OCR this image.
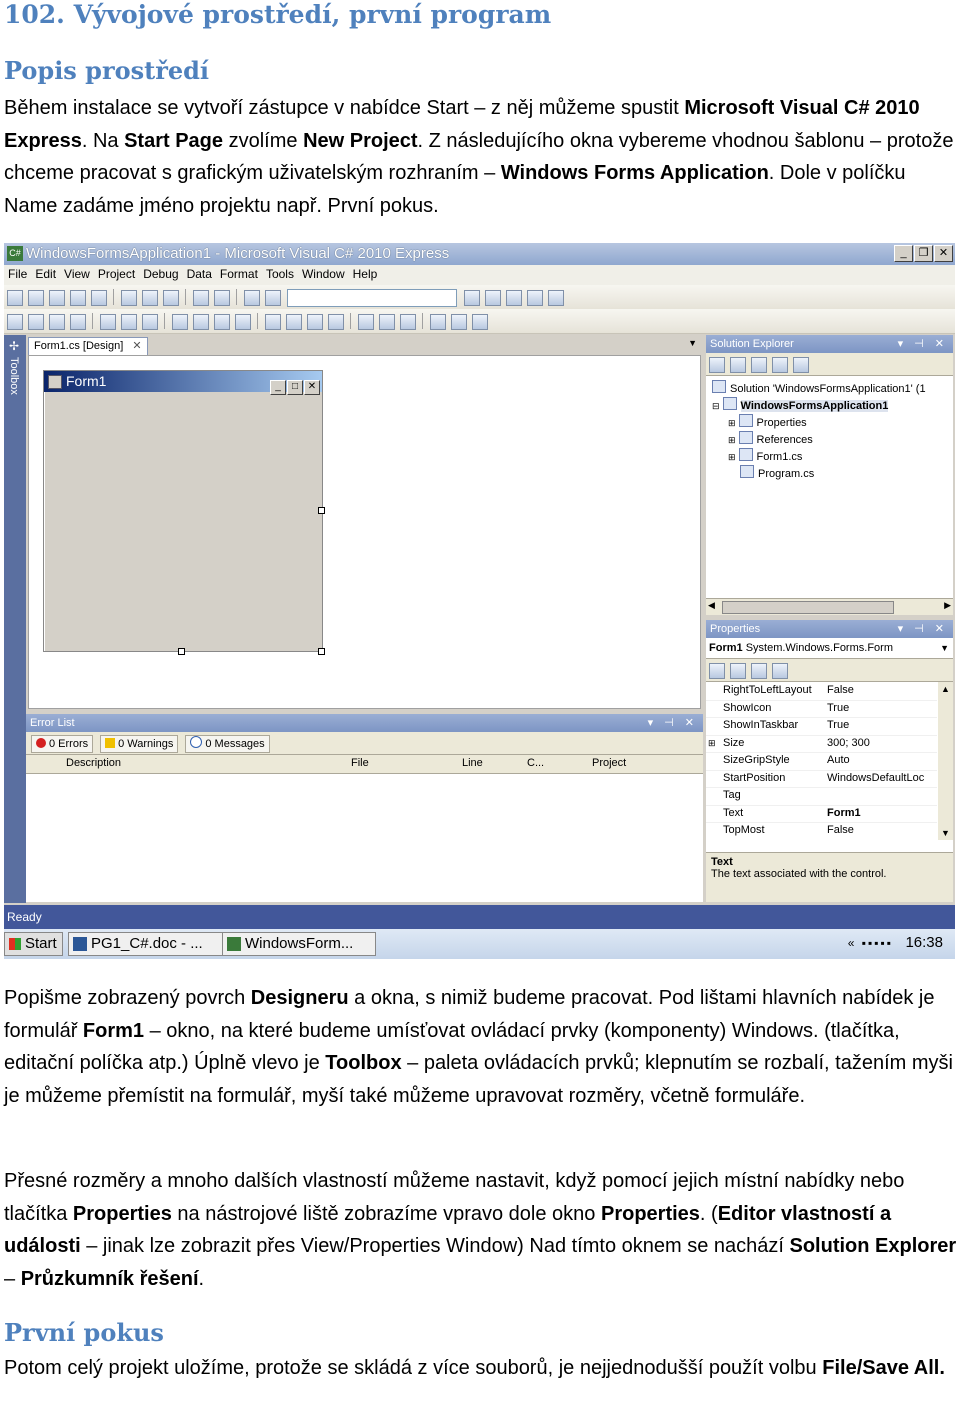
102. Vývojové prostředí, první program
Popis prostředí

Během instalace se vytvoří zástupce v nabídce Start – z něj můžeme spustit Microsoft Visual C# 2010 Express. Na Start Page zvolíme New Project. Z následujícího okna vybereme vhodnou šablonu – protože chceme pracovat s grafickým uživatelským rozhraním – Windows Forms Application. Dole v políčku Name zadáme jméno projektu např. První pokus.

C# WindowsFormsApplication1 - Microsoft Visual C# 2010 Express	_ ❐ ✕
File Edit View Project Debug Data Format Tools Window Help
✢
Toolbox
Form1.cs [Design] ✕	▼
Form1	_ □ ✕
Error List	▾ ⊣ ✕
0 Errors	0 Warnings	0 Messages
Description	File	Line	C...	Project
Solution Explorer	▾ ⊣ ✕
Solution 'WindowsFormsApplication1' (1
⊟ WindowsFormsApplication1
⊞ Properties
⊞ References
⊞ Form1.cs
Program.cs
◀	▶
Properties	▾ ⊣ ✕
Form1 System.Windows.Forms.Form	▼
RightToLeftLayout	False
ShowIcon	True
ShowInTaskbar	True
⊞ Size	300; 300
SizeGripStyle	Auto
StartPosition	WindowsDefaultLoc
Tag
Text	Form1
TopMost	False
▲
▼
Text
The text associated with the control.
Ready
Start	PG1_C#.doc - ...	WindowsForm...	« ▪▪▪▪▪ 16:38

Popišme zobrazený povrch Designeru a okna, s nimiž budeme pracovat. Pod lištami hlavních nabídek je formulář Form1 – okno, na které budeme umísťovat ovládací prvky (komponenty) Windows. (tlačítka, editační políčka atp.) Úplně vlevo je Toolbox – paleta ovládacích prvků; klepnutím se rozbalí, tažením myši je můžeme přemístit na formulář, myší také můžeme upravovat rozměry, včetně formuláře.

Přesné rozměry a mnoho dalších vlastností můžeme nastavit, když pomocí jejich místní nabídky nebo tlačítka Properties na nástrojové liště zobrazíme vpravo dole okno Properties. (Editor vlastností a události – jinak lze zobrazit přes View/Properties Window) Nad tímto oknem se nachází Solution Explorer – Průzkumník řešení.

První pokus

Potom celý projekt uložíme, protože se skládá z více souborů, je nejjednodušší použít volbu File/Save All.
